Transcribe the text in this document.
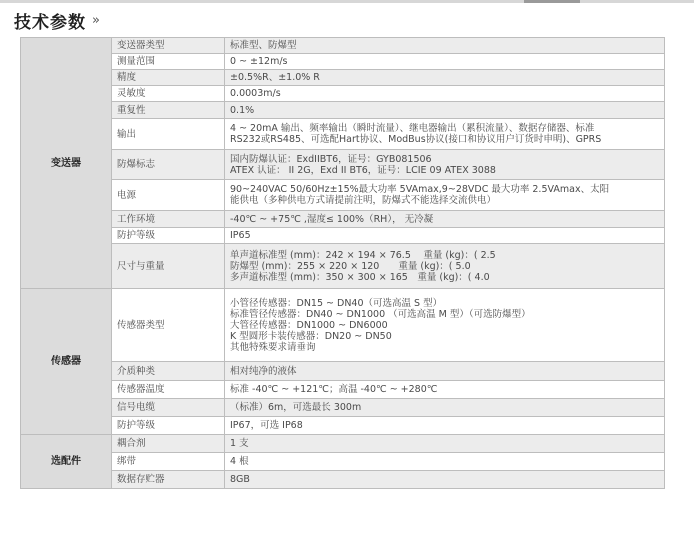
技术参数 »
变送器	变送器类型	标准型、防爆型

	测量范围	0 ~ ±12m/s

	精度	±0.5%R、±1.0% R

	灵敏度	0.0003m/s

	重复性	0.1%

	输出	4 ~ 20mA 输出、频率输出（瞬时流量）、继电器输出（累积流量）、数据存储器、标准
RS232或RS485、可选配Hart协议、ModBus协议(接口和协议用户订货时申明)、GPRS

	防爆标志	国内防爆认证：ExdIIBT6，证号：GYB081506
ATEX 认证： II 2G，Exd II BT6，证号：LCIE 09 ATEX 3088

	电源	90~240VAC 50/60Hz±15%最大功率 5VAmax,9~28VDC 最大功率 2.5VAmax、太阳
能供电（多种供电方式请提前注明，防爆式不能选择交流供电）

	工作环境	-40℃ ~ +75℃ ,湿度≤ 100%（RH）， 无冷凝

	防护等级	IP65

	尺寸与重量	单声道标准型 (mm)：242 × 194 × 76.5　 重量 (kg)：( 2.5
防爆型 (mm)：255 × 220 × 120　　重量 (kg)：( 5.0
多声道标准型 (mm)：350 × 300 × 165　重量 (kg)：( 4.0

传感器	传感器类型	小管径传感器：DN15 ~ DN40（可选高温 S 型）
标准管径传感器：DN40 ~ DN1000 （可选高温 M 型）（可选防爆型）
大管径传感器：DN1000 ~ DN6000
K 型圆形卡装传感器：DN20 ~ DN50
其他特殊要求请垂询

	介质种类	相对纯净的液体

	传感器温度	标准 -40℃ ~ +121℃；高温 -40℃ ~ +280℃

	信号电缆	（标准）6m，可选最长 300m

	防护等级	IP67，可选 IP68

选配件	耦合剂	1 支

	绑带	4 根

	数据存贮器	8GB
